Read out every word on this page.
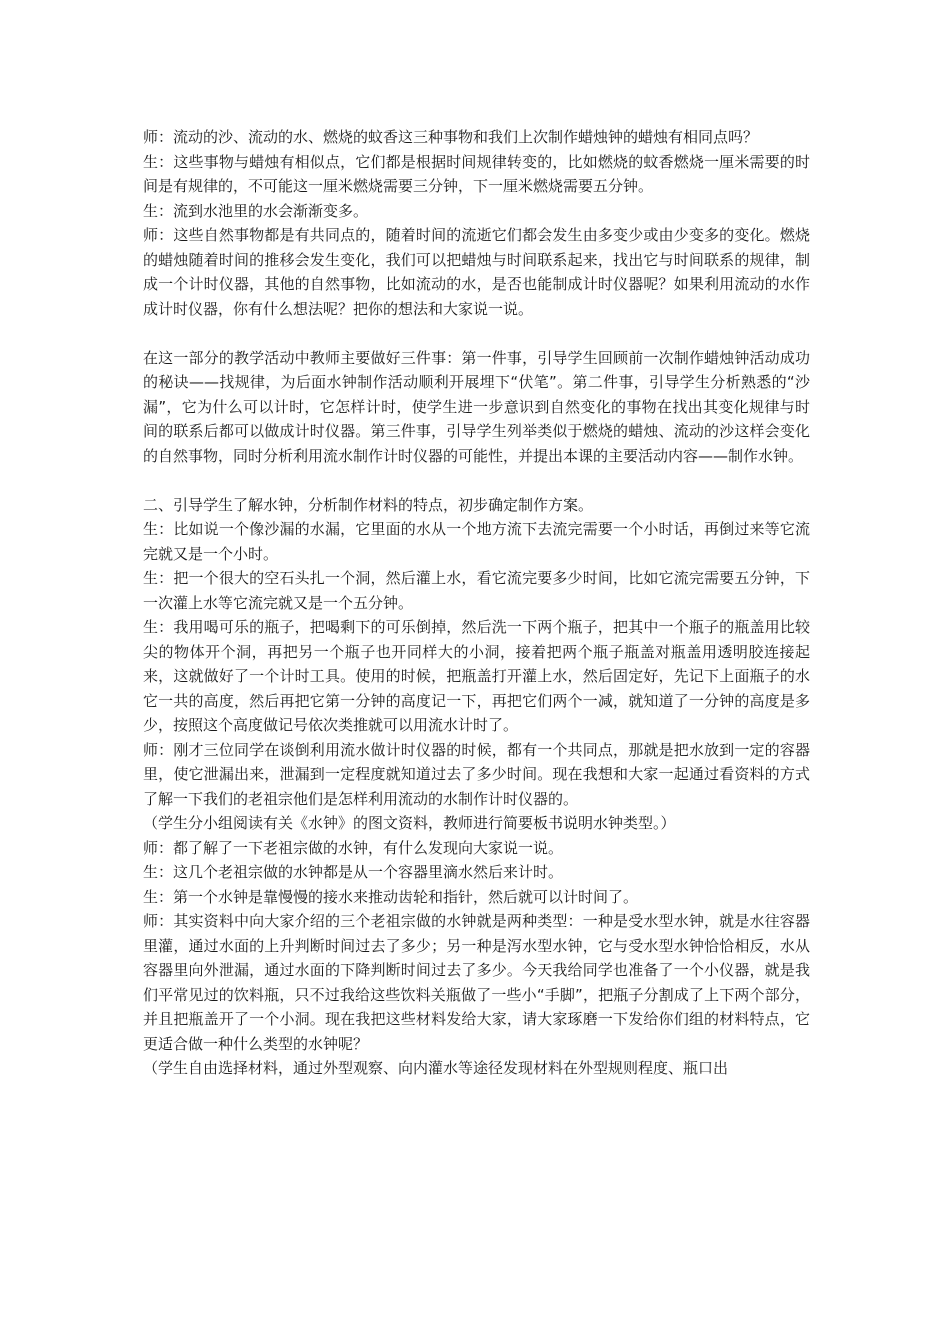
师：流动的沙、流动的水、燃烧的蚊香这三种事物和我们上次制作蜡烛钟的蜡烛有相同点吗？

生：这些事物与蜡烛有相似点，它们都是根据时间规律转变的，比如燃烧的蚊香燃烧一厘米需要的时间是有规律的，不可能这一厘米燃烧需要三分钟，下一厘米燃烧需要五分钟。

生：流到水池里的水会渐渐变多。

师：这些自然事物都是有共同点的，随着时间的流逝它们都会发生由多变少或由少变多的变化。燃烧的蜡烛随着时间的推移会发生变化，我们可以把蜡烛与时间联系起来，找出它与时间联系的规律，制成一个计时仪器，其他的自然事物，比如流动的水，是否也能制成计时仪器呢？如果利用流动的水作成计时仪器，你有什么想法呢？把你的想法和大家说一说。

在这一部分的教学活动中教师主要做好三件事：第一件事，引导学生回顾前一次制作蜡烛钟活动成功的秘诀——找规律，为后面水钟制作活动顺利开展埋下“伏笔”。第二件事，引导学生分析熟悉的“沙漏”，它为什么可以计时，它怎样计时，使学生进一步意识到自然变化的事物在找出其变化规律与时间的联系后都可以做成计时仪器。第三件事，引导学生列举类似于燃烧的蜡烛、流动的沙这样会变化的自然事物，同时分析利用流水制作计时仪器的可能性，并提出本课的主要活动内容——制作水钟。

二、引导学生了解水钟，分析制作材料的特点，初步确定制作方案。

生：比如说一个像沙漏的水漏，它里面的水从一个地方流下去流完需要一个小时话，再倒过来等它流完就又是一个小时。

生：把一个很大的空石头扎一个洞，然后灌上水，看它流完要多少时间，比如它流完需要五分钟，下一次灌上水等它流完就又是一个五分钟。

生：我用喝可乐的瓶子，把喝剩下的可乐倒掉，然后洗一下两个瓶子，把其中一个瓶子的瓶盖用比较尖的物体开个洞，再把另一个瓶子也开同样大的小洞，接着把两个瓶子瓶盖对瓶盖用透明胶连接起来，这就做好了一个计时工具。使用的时候，把瓶盖打开灌上水，然后固定好，先记下上面瓶子的水它一共的高度，然后再把它第一分钟的高度记一下，再把它们两个一减，就知道了一分钟的高度是多少，按照这个高度做记号依次类推就可以用流水计时了。

师：刚才三位同学在谈倒利用流水做计时仪器的时候，都有一个共同点，那就是把水放到一定的容器里，使它泄漏出来，泄漏到一定程度就知道过去了多少时间。现在我想和大家一起通过看资料的方式了解一下我们的老祖宗他们是怎样利用流动的水制作计时仪器的。

（学生分小组阅读有关《水钟》的图文资料，教师进行简要板书说明水钟类型。）

师：都了解了一下老祖宗做的水钟，有什么发现向大家说一说。

生：这几个老祖宗做的水钟都是从一个容器里滴水然后来计时。

生：第一个水钟是靠慢慢的接水来推动齿轮和指针，然后就可以计时间了。

师：其实资料中向大家介绍的三个老祖宗做的水钟就是两种类型：一种是受水型水钟，就是水往容器里灌，通过水面的上升判断时间过去了多少；另一种是泻水型水钟，它与受水型水钟恰恰相反，水从容器里向外泄漏，通过水面的下降判断时间过去了多少。今天我给同学也准备了一个小仪器，就是我们平常见过的饮料瓶，只不过我给这些饮料关瓶做了一些小“手脚”，把瓶子分割成了上下两个部分，并且把瓶盖开了一个小洞。现在我把这些材料发给大家，请大家琢磨一下发给你们组的材料特点，它更适合做一种什么类型的水钟呢？

（学生自由选择材料，通过外型观察、向内灌水等途径发现材料在外型规则程度、瓶口出
